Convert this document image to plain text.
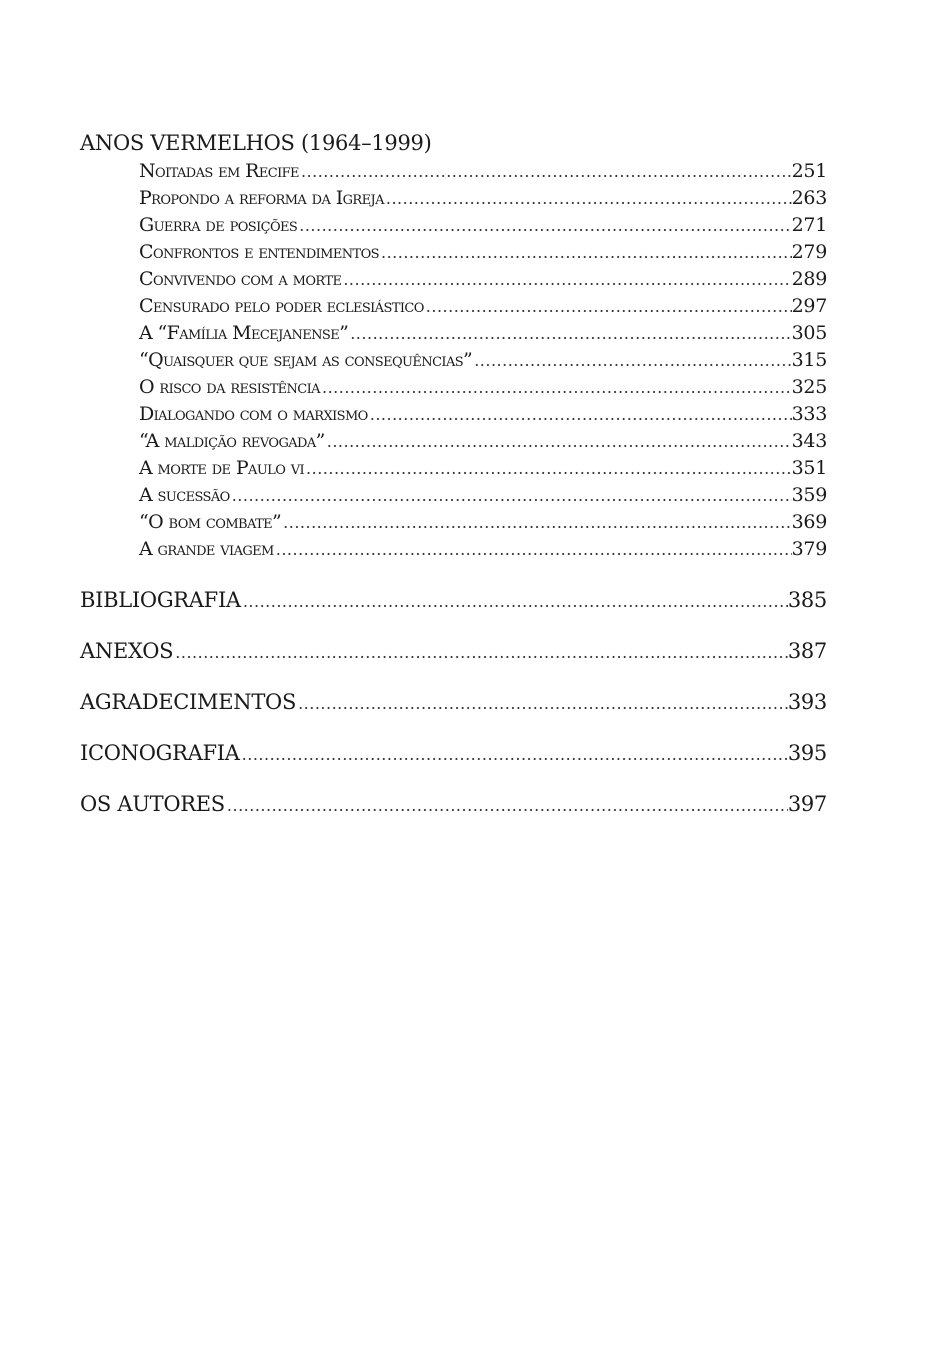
ANOS VERMELHOS (1964–1999)
Noitadas em Recife .....	251
Propondo a reforma da Igreja .....	263
Guerra de posições .....	271
Confrontos e entendimentos .....	279
Convivendo com a morte .....	289
Censurado pelo poder eclesiástico .....	297
A “Família Mecejanense” .....	305
“Quaisquer que sejam as consequências” .....	315
O risco da resistência .....	325
Dialogando com o marxismo .....	333
“A maldição revogada” .....	343
A morte de Paulo vi .....	351
A sucessão .....	359
“O bom combate” .....	369
A grande viagem .....	379
BIBLIOGRAFIA .....	385
ANEXOS .....	387
AGRADECIMENTOS .....	393
ICONOGRAFIA .....	395
OS AUTORES .....	397
